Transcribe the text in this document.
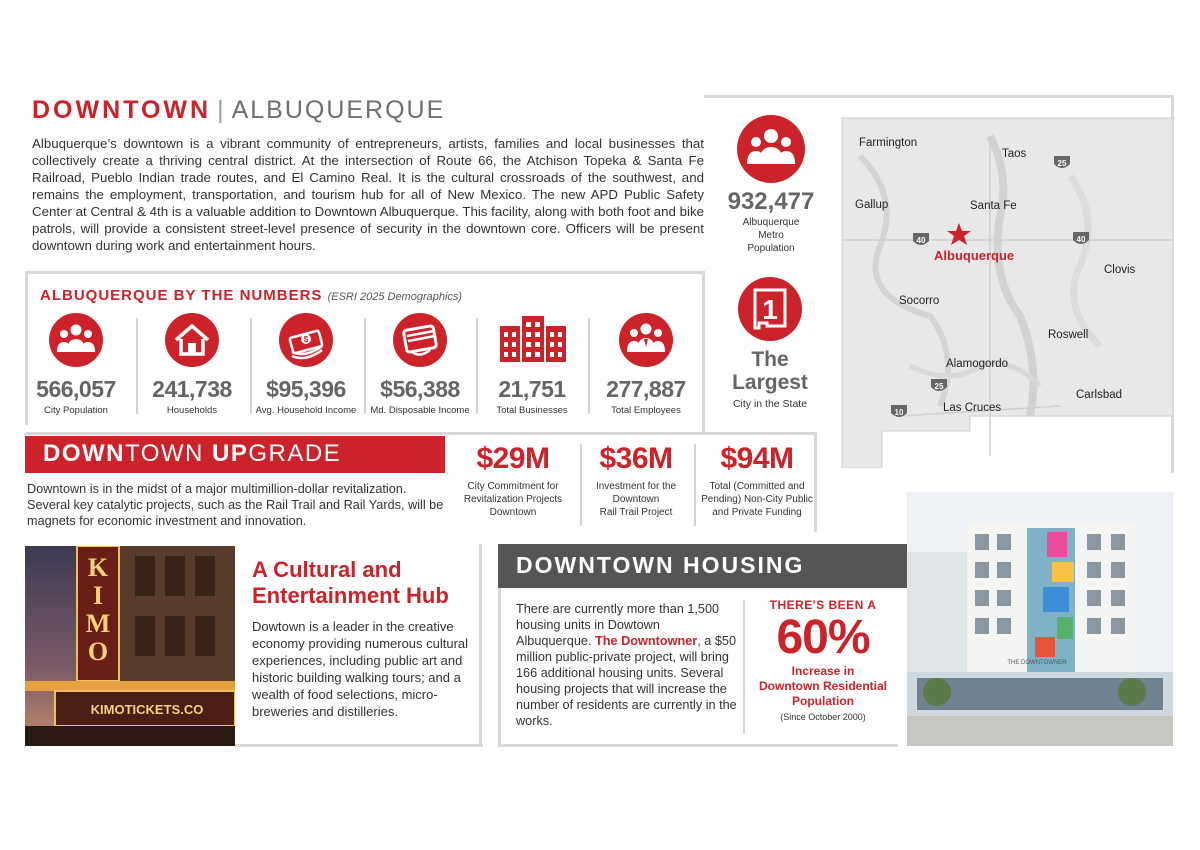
DOWNTOWN | ALBUQUERQUE
Albuquerque’s downtown is a vibrant community of entrepreneurs, artists, families and local businesses that collectively create a thriving central district. At the intersection of Route 66, the Atchison Topeka & Santa Fe Railroad, Pueblo Indian trade routes, and El Camino Real. It is the cultural crossroads of the southwest, and remains the employment, transportation, and tourism hub for all of New Mexico. The new APD Public Safety Center at Central & 4th is a valuable addition to Downtown Albuquerque. This facility, along with both foot and bike patrols, will provide a consistent street-level presence of security in the downtown core. Officers will be present downtown during work and entertainment hours.
932,477
Albuquerque
Metro
Population
1
The
Largest
City in the State
Farmington
Taos
Gallup	Santa Fe
Albuquerque
Clovis
Socorro
Roswell
Alamogordo
Carlsbad
Las Cruces
25
40	40
25
10
ALBUQUERQUE BY THE NUMBERS (ESRI 2025 Demographics)
566,057
City Population
241,738
Households
$
$95,396
Avg. Household Income
$56,388
Md. Disposable Income
21,751
Total Businesses
277,887
Total Employees
DOWNTOWN UPGRADE
Downtown is in the midst of a major multimillion-dollar revitalization. Several key catalytic projects, such as the Rail Trail and Rail Yards, will be magnets for economic investment and innovation.
$29M
City Commitment for
Revitalization Projects
Downtown
$36M
Investment for the
Downtown
Rail Trail Project
$94M
Total (Committed and
Pending) Non-City Public
and Private Funding
K
I
M
O
KIMOTICKETS.CO
A Cultural and
Entertainment Hub
Dowtown is a leader in the creative economy providing numerous cultural experiences, including public art and historic building walking tours; and a wealth of food selections, micro-breweries and distilleries.
DOWNTOWN HOUSING
There are currently more than 1,500 housing units in Dowtown Albuquerque. The Downtowner, a $50 million public-private project, will bring 166 additional housing units. Several housing projects that will increase the number of residents are currently in the works.
THERE'S BEEN A
60%
Increase in
Downtown Residential
Population
(Since October 2000)
THE DOWNTOWNER
